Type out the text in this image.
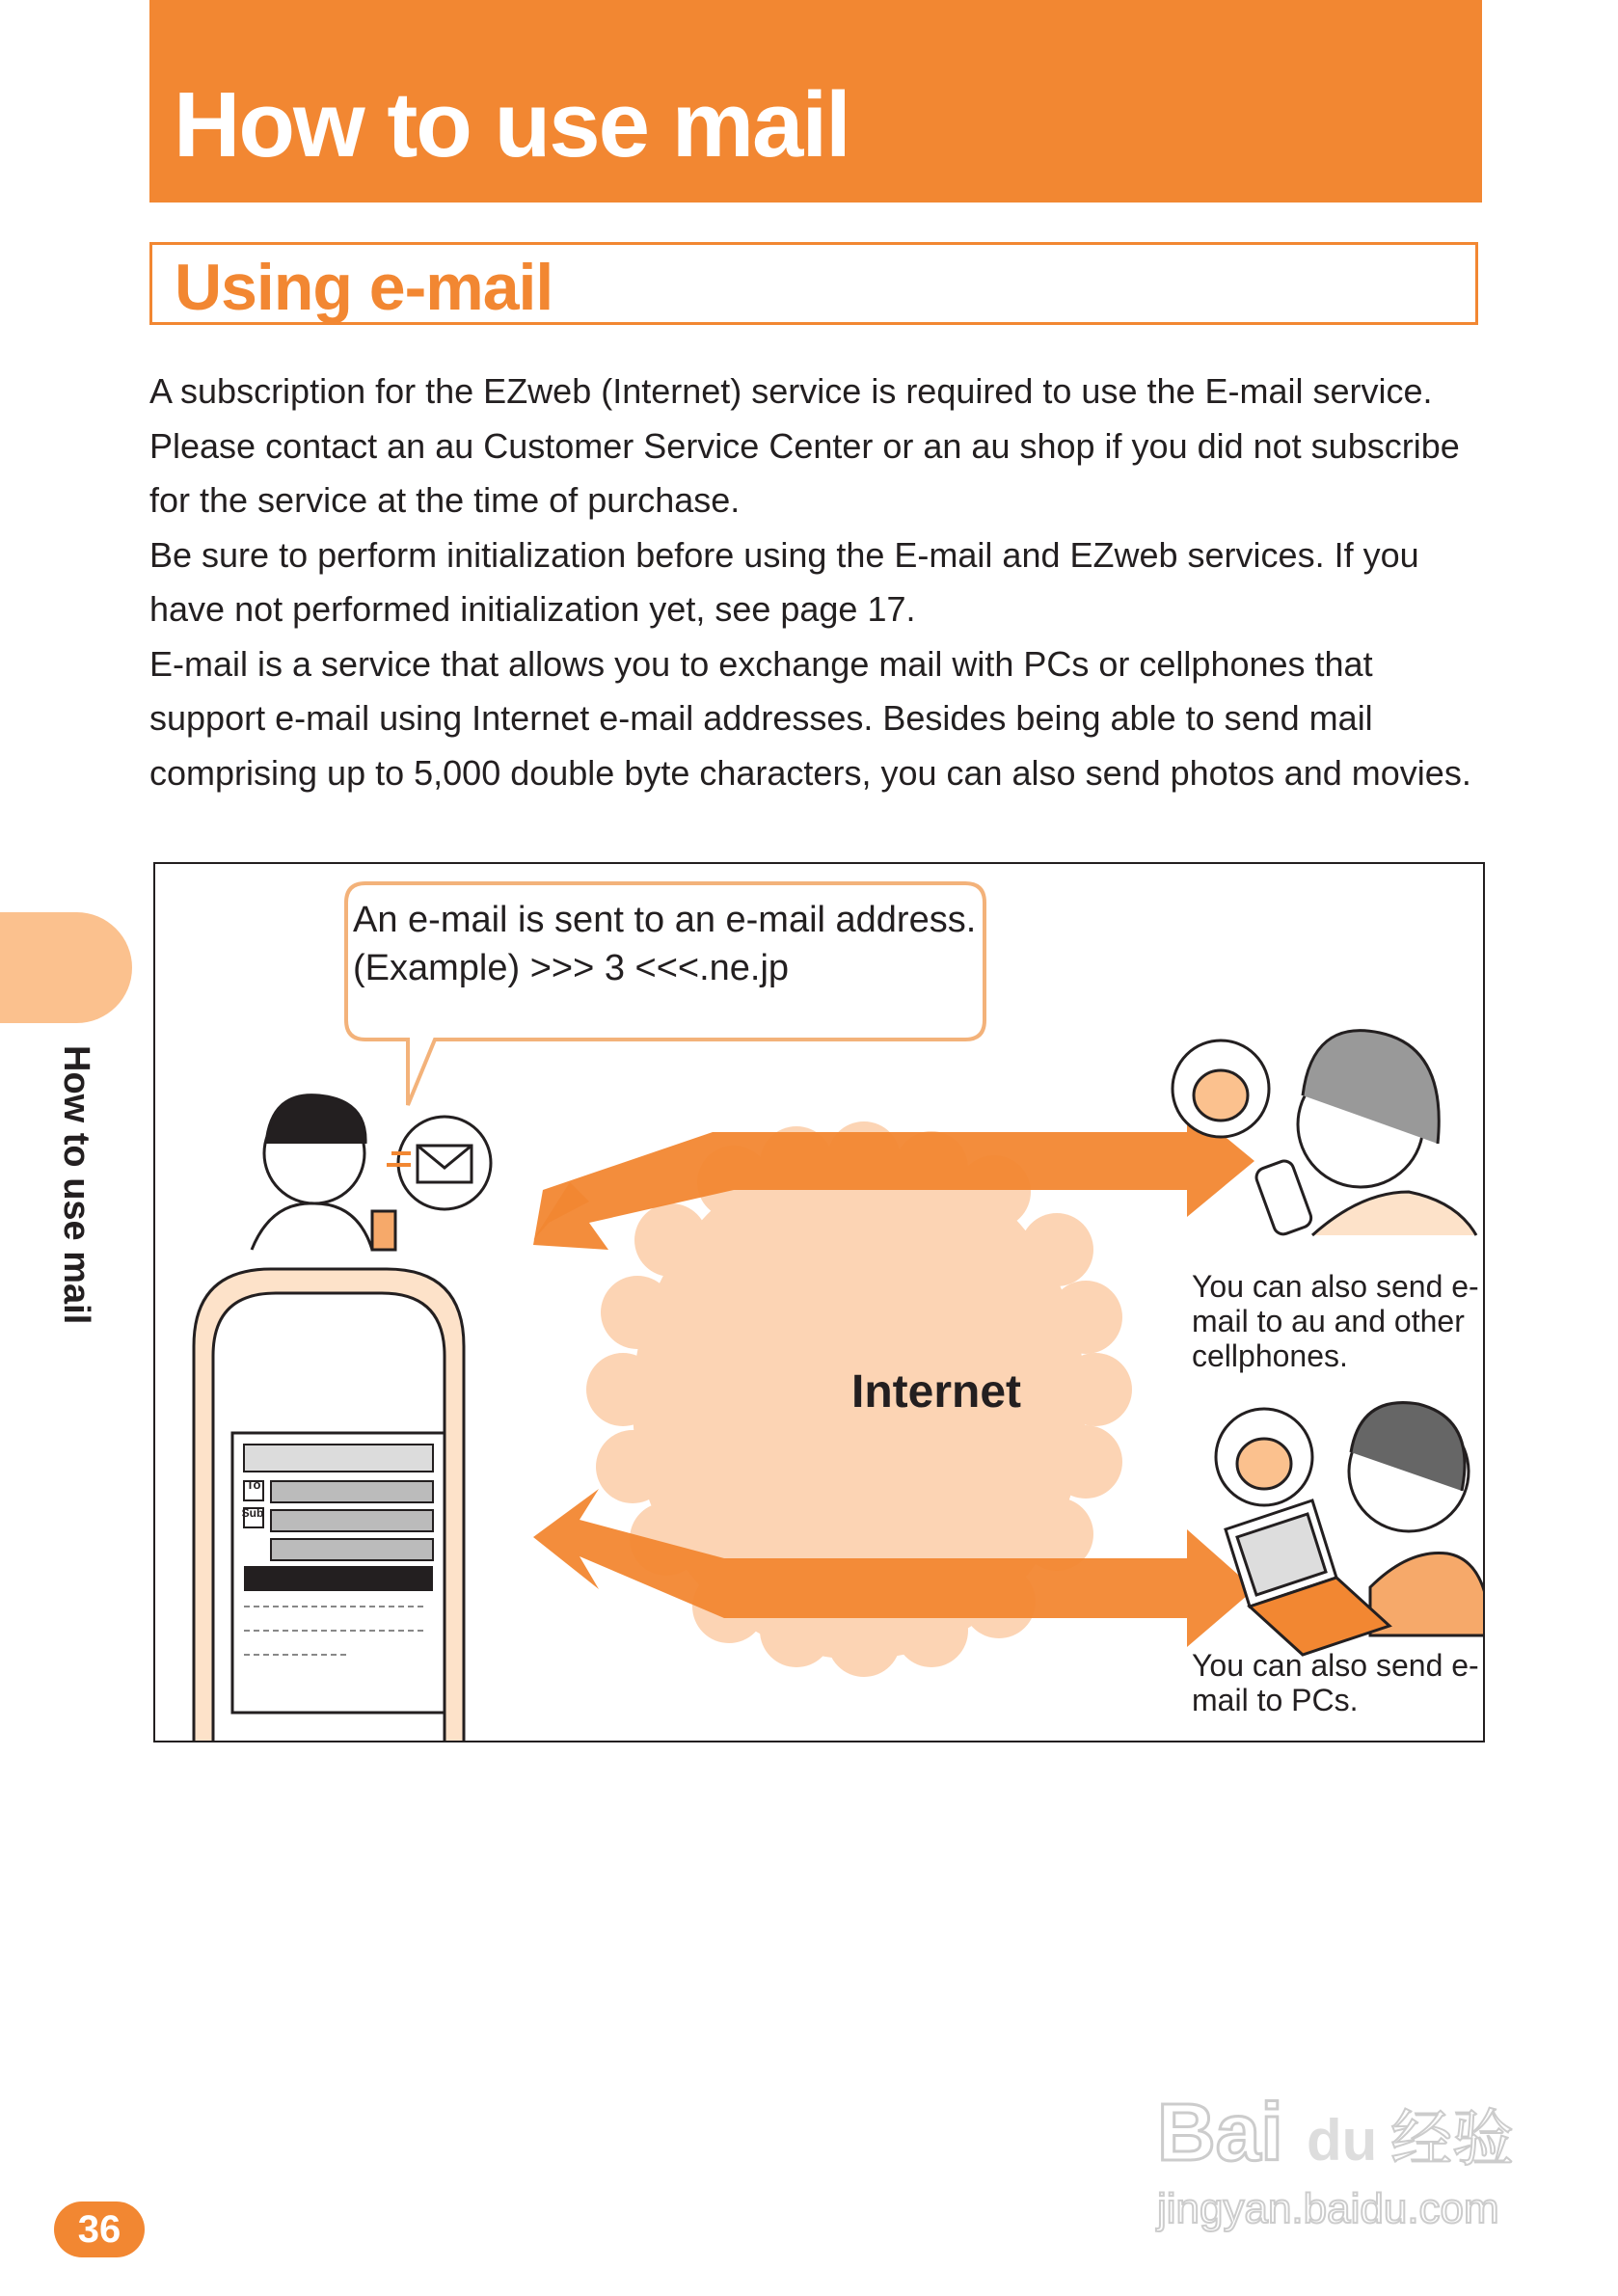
How to use mail
Using e-mail

A subscription for the EZweb (Internet) service is required to use the E-mail service. Please contact an au Customer Service Center or an au shop if you did not subscribe for the service at the time of purchase.

Be sure to perform initialization before using the E-mail and EZweb services. If you have not performed initialization yet, see page 17.

E-mail is a service that allows you to exchange mail with PCs or cellphones that support e-mail using Internet e-mail addresses. Besides being able to send mail comprising up to 5,000 double byte characters, you can also send photos and movies.

An e-mail is sent to an e-mail address.
(Example) >>> 3 <<<.ne.jp
Internet
You can also send e-mail to au and other cellphones.
You can also send e-mail to PCs.
To
Sub
How to use mail
36
Bai du 经验
jingyan.baidu.com
